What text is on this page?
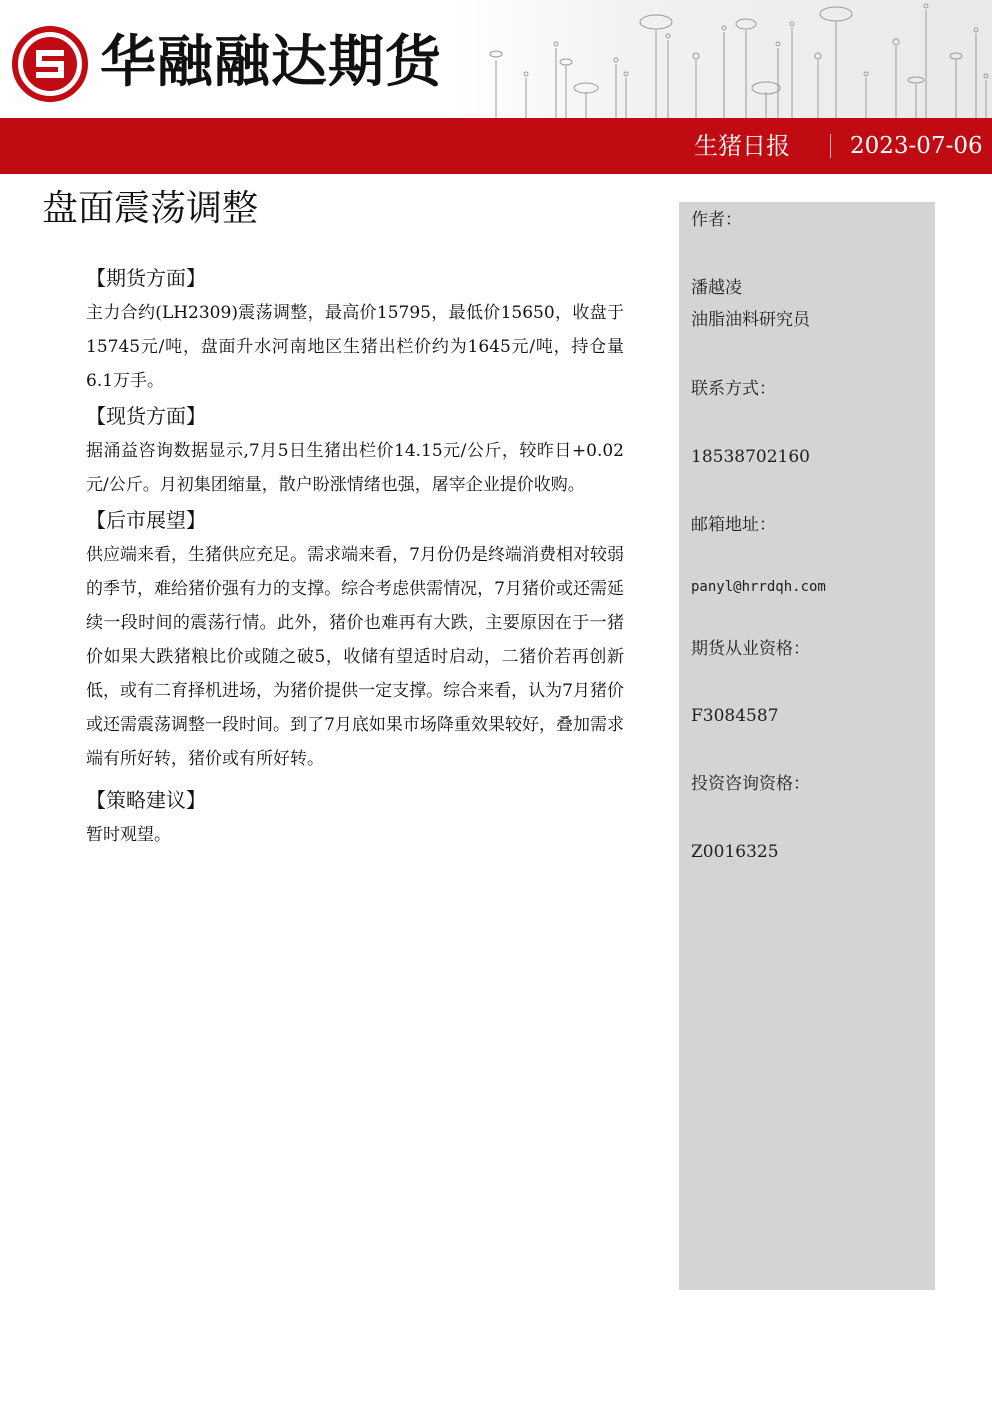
华融融达期货
生猪日报	2023-07-06
盘面震荡调整
【期货方面】
主力合约(LH2309)震荡调整，最高价15795，最低价15650，收盘于15745元/吨，盘面升水河南地区生猪出栏价约为1645元/吨，持仓量6.1万手。
【现货方面】
据涌益咨询数据显示,7月5日生猪出栏价14.15元/公斤，较昨日+0.02元/公斤。月初集团缩量，散户盼涨情绪也强，屠宰企业提价收购。
【后市展望】
供应端来看，生猪供应充足。需求端来看，7月份仍是终端消费相对较弱的季节，难给猪价强有力的支撑。综合考虑供需情况，7月猪价或还需延续一段时间的震荡行情。此外，猪价也难再有大跌，主要原因在于一猪价如果大跌猪粮比价或随之破5，收储有望适时启动，二猪价若再创新低，或有二育择机进场，为猪价提供一定支撑。综合来看，认为7月猪价或还需震荡调整一段时间。到了7月底如果市场降重效果较好，叠加需求端有所好转，猪价或有所好转。
【策略建议】
暂时观望。
作者：
潘越凌
油脂油料研究员
联系方式：
18538702160
邮箱地址：
panyl@hrrdqh.com
期货从业资格：
F3084587
投资咨询资格：
Z0016325
